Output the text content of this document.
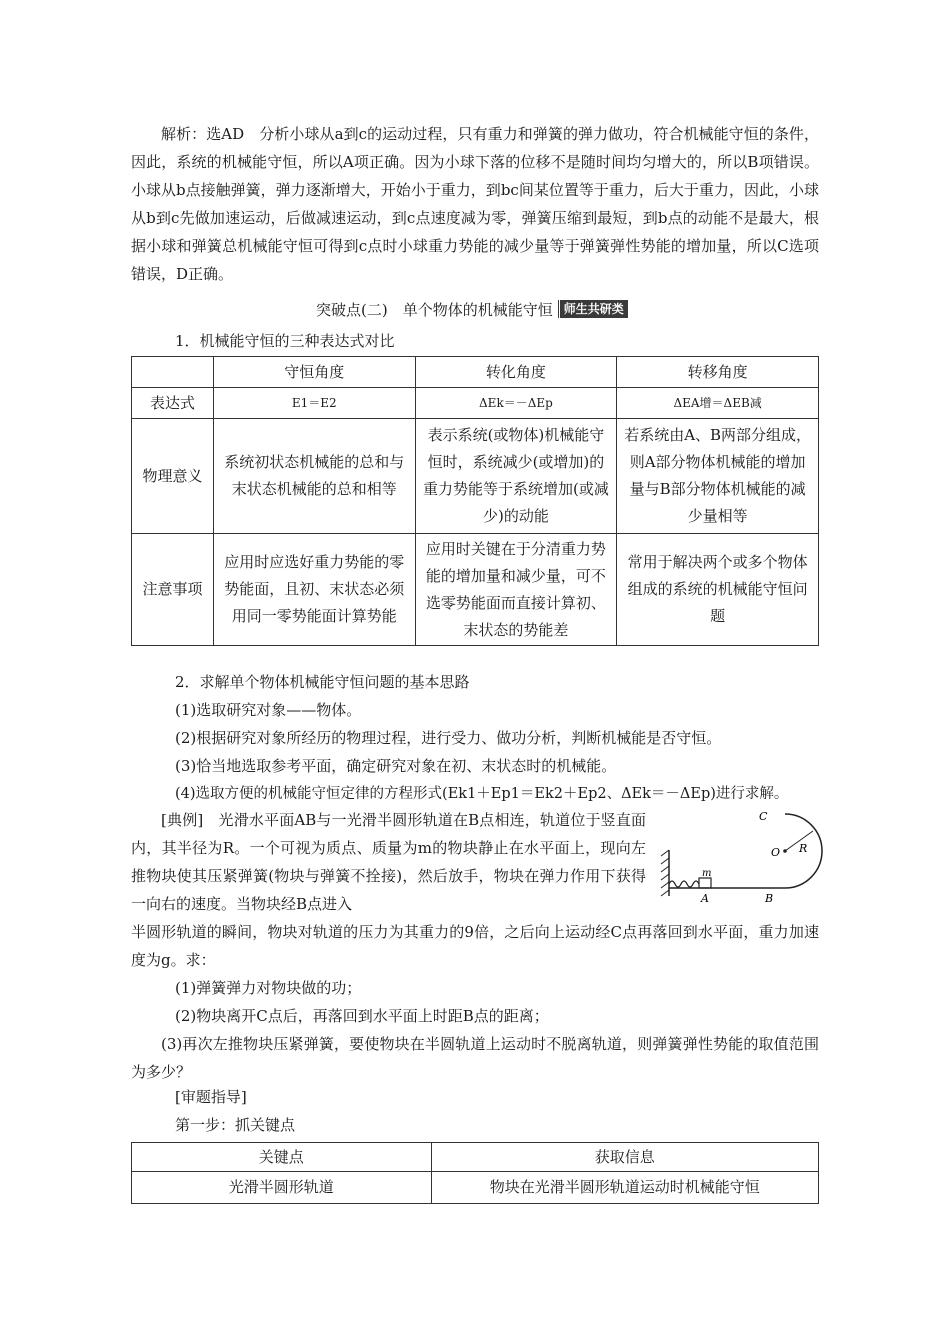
解析：选AD　分析小球从a到c的运动过程，只有重力和弹簧的弹力做功，符合机械能守恒的条件，因此，系统的机械能守恒，所以A项正确。因为小球下落的位移不是随时间均匀增大的，所以B项错误。小球从b点接触弹簧，弹力逐渐增大，开始小于重力，到bc间某位置等于重力，后大于重力，因此，小球从b到c先做加速运动，后做减速运动，到c点速度减为零，弹簧压缩到最短，到b点的动能不是最大，根据小球和弹簧总机械能守恒可得到c点时小球重力势能的减少量等于弹簧弹性势能的增加量，所以C选项错误，D正确。

突破点(二)　单个物体的机械能守恒 师生共研类
1．机械能守恒的三种表达式对比
	守恒角度	转化角度	转移角度
表达式	E1＝E2	ΔEk＝－ΔEp	ΔEA增＝ΔEB减
物理意义	系统初状态机械能的总和与末状态机械能的总和相等	表示系统(或物体)机械能守恒时，系统减少(或增加)的重力势能等于系统增加(或减少)的动能	若系统由A、B两部分组成，则A部分物体机械能的增加量与B部分物体机械能的减少量相等
注意事项	应用时应选好重力势能的零势能面，且初、末状态必须用同一零势能面计算势能	应用时关键在于分清重力势能的增加量和减少量，可不选零势能面而直接计算初、末状态的势能差	常用于解决两个或多个物体组成的系统的机械能守恒问题
2．求解单个物体机械能守恒问题的基本思路
(1)选取研究对象——物体。
(2)根据研究对象所经历的物理过程，进行受力、做功分析，判断机械能是否守恒。
(3)恰当地选取参考平面，确定研究对象在初、末状态时的机械能。
(4)选取方便的机械能守恒定律的方程形式(Ek1＋Ep1＝Ek2＋Ep2、ΔEk＝－ΔEp)进行求解。

[典例]　光滑水平面AB与一光滑半圆形轨道在B点相连，轨道位于竖直面内，其半径为R。一个可视为质点、质量为m的物块静止在水平面上，现向左推物块使其压紧弹簧(物块与弹簧不拴接)，然后放手，物块在弹力作用下获得一向右的速度。当物块经B点进入

m
C
O R
A	B

半圆形轨道的瞬间，物块对轨道的压力为其重力的9倍，之后向上运动经C点再落回到水平面，重力加速度为g。求：

(1)弹簧弹力对物块做的功；
(2)物块离开C点后，再落回到水平面上时距B点的距离；

(3)再次左推物块压紧弹簧，要使物块在半圆轨道上运动时不脱离轨道，则弹簧弹性势能的取值范围为多少？

[审题指导]
第一步：抓关键点
关键点	获取信息
光滑半圆形轨道	物块在光滑半圆形轨道运动时机械能守恒
